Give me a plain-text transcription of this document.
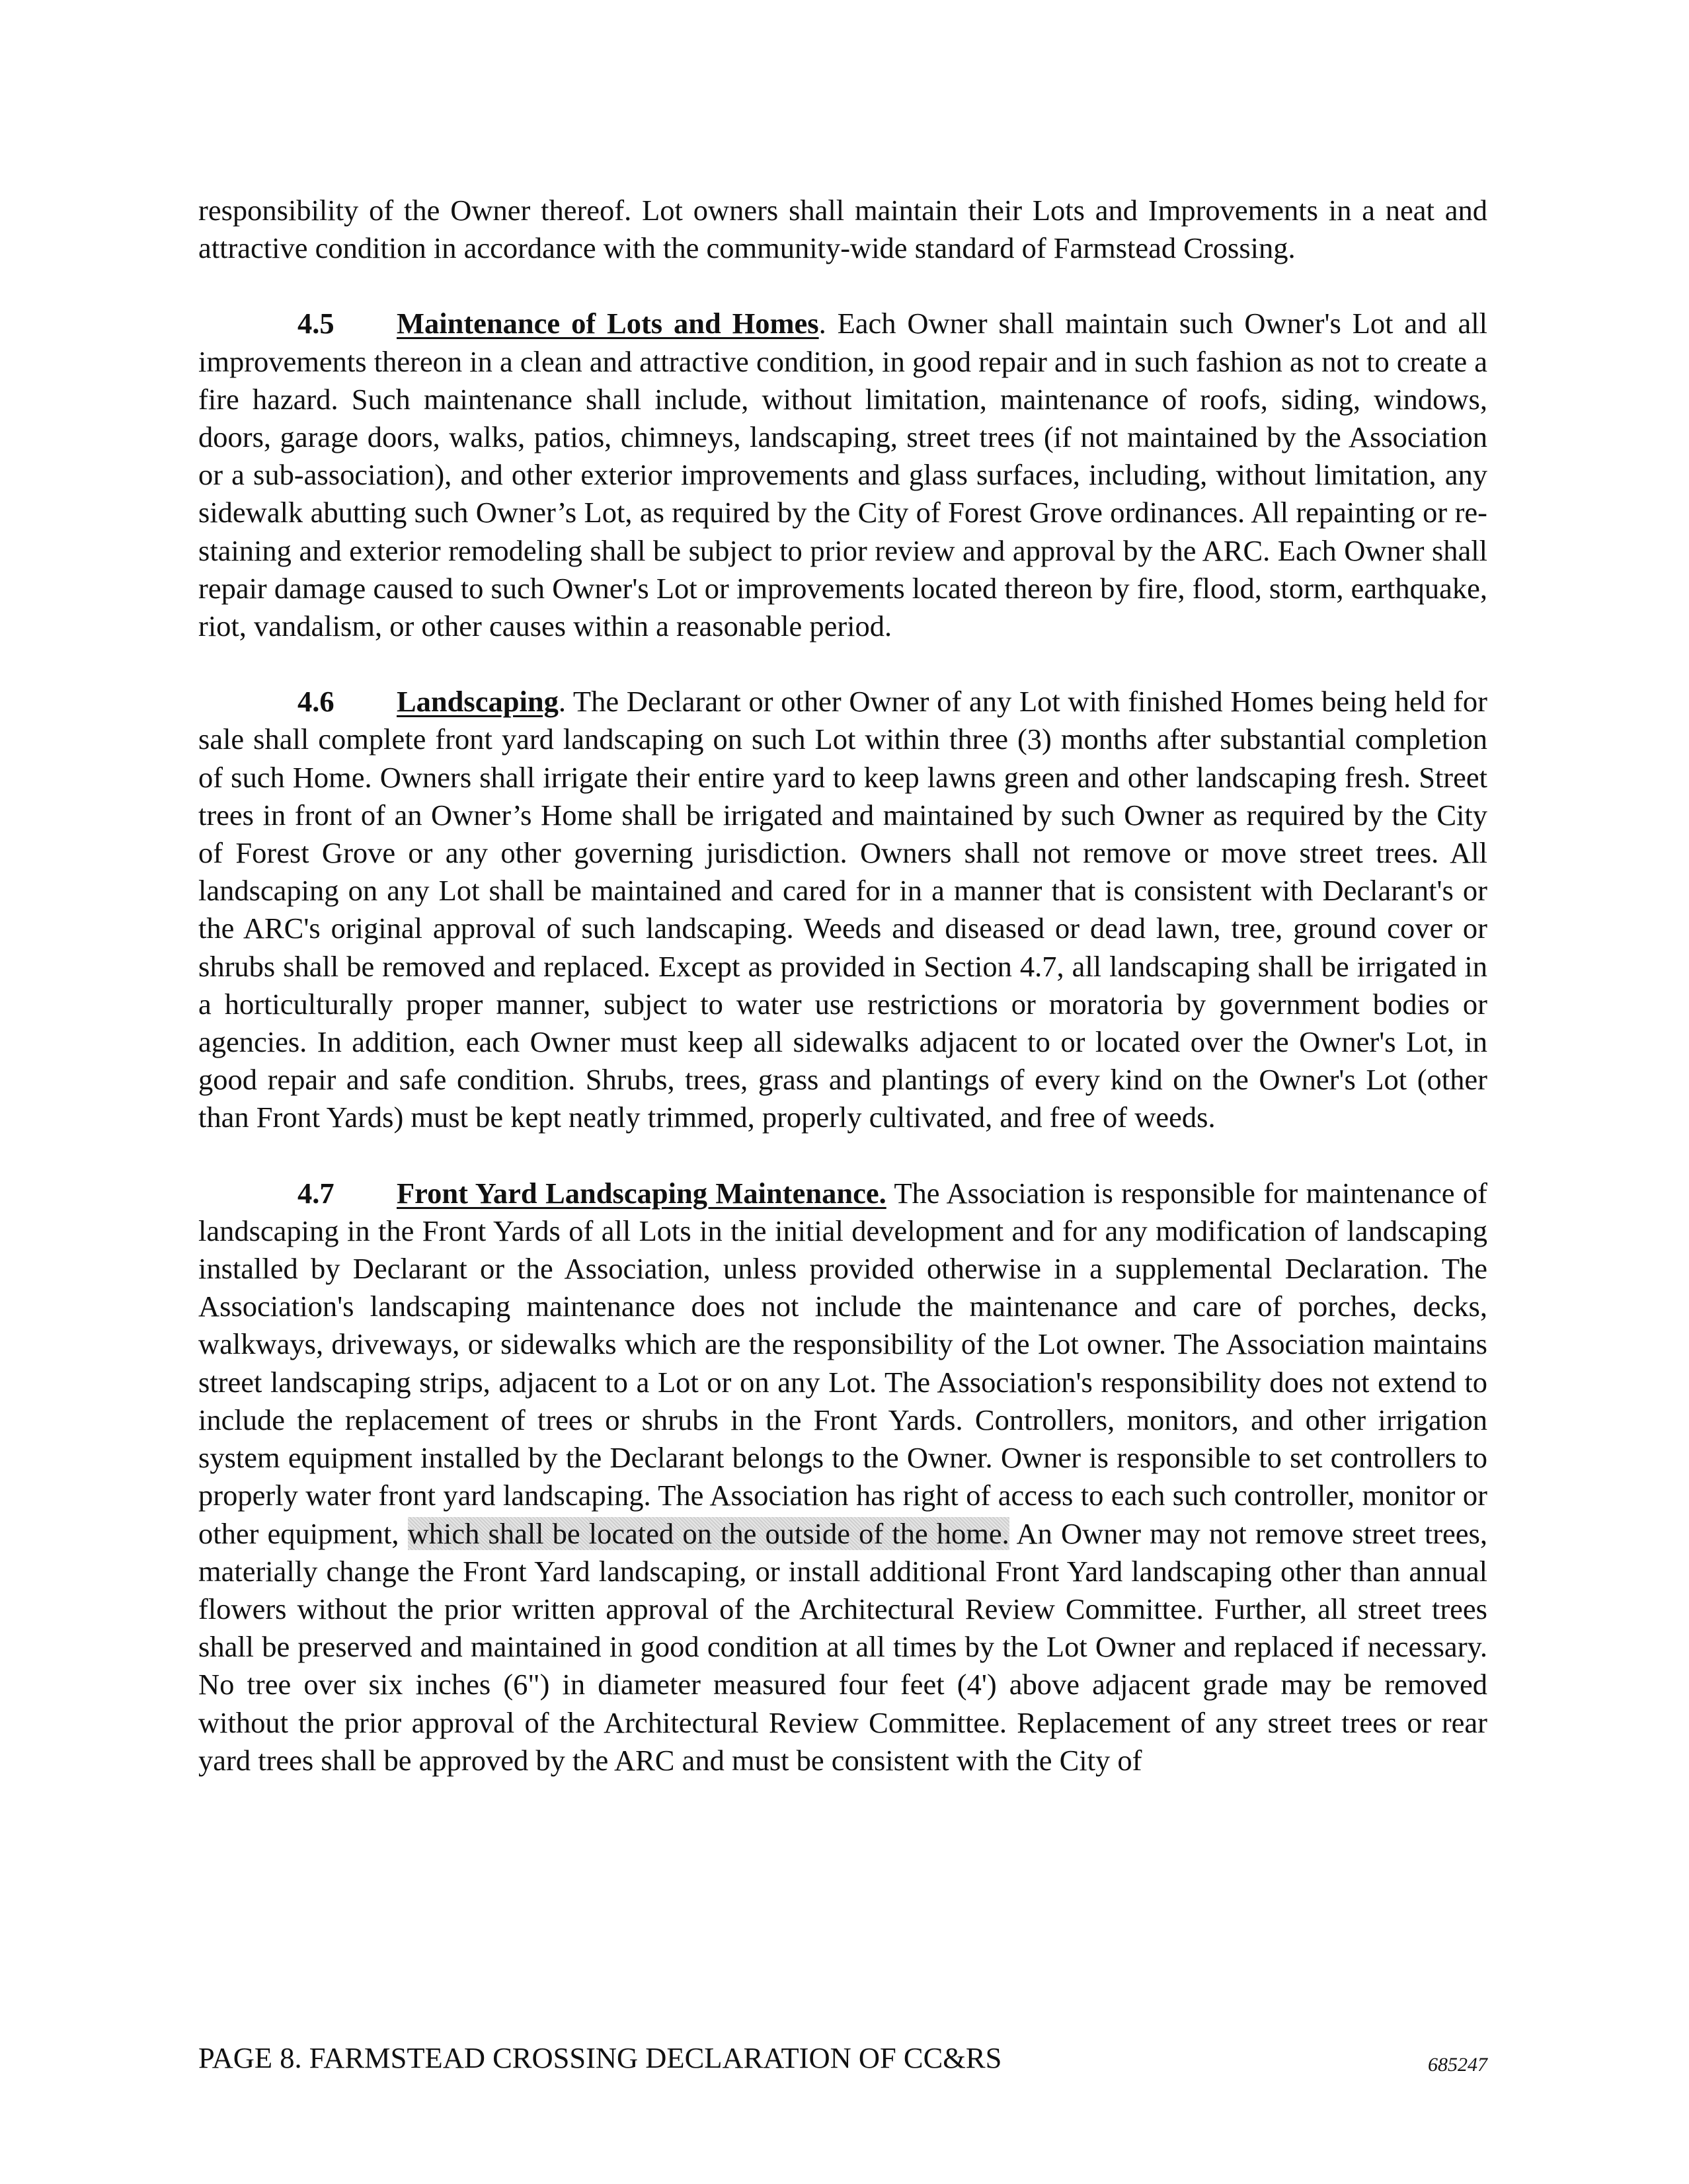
responsibility of the Owner thereof. Lot owners shall maintain their Lots and Improvements in a neat and attractive condition in accordance with the community-wide standard of Farmstead Crossing.

4.5 Maintenance of Lots and Homes. Each Owner shall maintain such Owner's Lot and all improvements thereon in a clean and attractive condition, in good repair and in such fashion as not to create a fire hazard. Such maintenance shall include, without limitation, maintenance of roofs, siding, windows, doors, garage doors, walks, patios, chimneys, landscaping, street trees (if not maintained by the Association or a sub-association), and other exterior improvements and glass surfaces, including, without limitation, any sidewalk abutting such Owner’s Lot, as required by the City of Forest Grove ordinances. All repainting or re-staining and exterior remodeling shall be subject to prior review and approval by the ARC. Each Owner shall repair damage caused to such Owner's Lot or improvements located thereon by fire, flood, storm, earthquake, riot, vandalism, or other causes within a reasonable period.

4.6 Landscaping. The Declarant or other Owner of any Lot with finished Homes being held for sale shall complete front yard landscaping on such Lot within three (3) months after substantial completion of such Home. Owners shall irrigate their entire yard to keep lawns green and other landscaping fresh. Street trees in front of an Owner’s Home shall be irrigated and maintained by such Owner as required by the City of Forest Grove or any other governing jurisdiction. Owners shall not remove or move street trees. All landscaping on any Lot shall be maintained and cared for in a manner that is consistent with Declarant's or the ARC's original approval of such landscaping. Weeds and diseased or dead lawn, tree, ground cover or shrubs shall be removed and replaced. Except as provided in Section 4.7, all landscaping shall be irrigated in a horticulturally proper manner, subject to water use restrictions or moratoria by government bodies or agencies. In addition, each Owner must keep all sidewalks adjacent to or located over the Owner's Lot, in good repair and safe condition. Shrubs, trees, grass and plantings of every kind on the Owner's Lot (other than Front Yards) must be kept neatly trimmed, properly cultivated, and free of weeds.

4.7 Front Yard Landscaping Maintenance. The Association is responsible for maintenance of landscaping in the Front Yards of all Lots in the initial development and for any modification of landscaping installed by Declarant or the Association, unless provided otherwise in a supplemental Declaration. The Association's landscaping maintenance does not include the maintenance and care of porches, decks, walkways, driveways, or sidewalks which are the responsibility of the Lot owner. The Association maintains street landscaping strips, adjacent to a Lot or on any Lot. The Association's responsibility does not extend to include the replacement of trees or shrubs in the Front Yards. Controllers, monitors, and other irrigation system equipment installed by the Declarant belongs to the Owner. Owner is responsible to set controllers to properly water front yard landscaping. The Association has right of access to each such controller, monitor or other equipment, which shall be located on the outside of the home. An Owner may not remove street trees, materially change the Front Yard landscaping, or install additional Front Yard landscaping other than annual flowers without the prior written approval of the Architectural Review Committee. Further, all street trees shall be preserved and maintained in good condition at all times by the Lot Owner and replaced if necessary. No tree over six inches (6") in diameter measured four feet (4') above adjacent grade may be removed without the prior approval of the Architectural Review Committee. Replacement of any street trees or rear yard trees shall be approved by the ARC and must be consistent with the City of

PAGE 8. FARMSTEAD CROSSING DECLARATION OF CC&RS	685247
